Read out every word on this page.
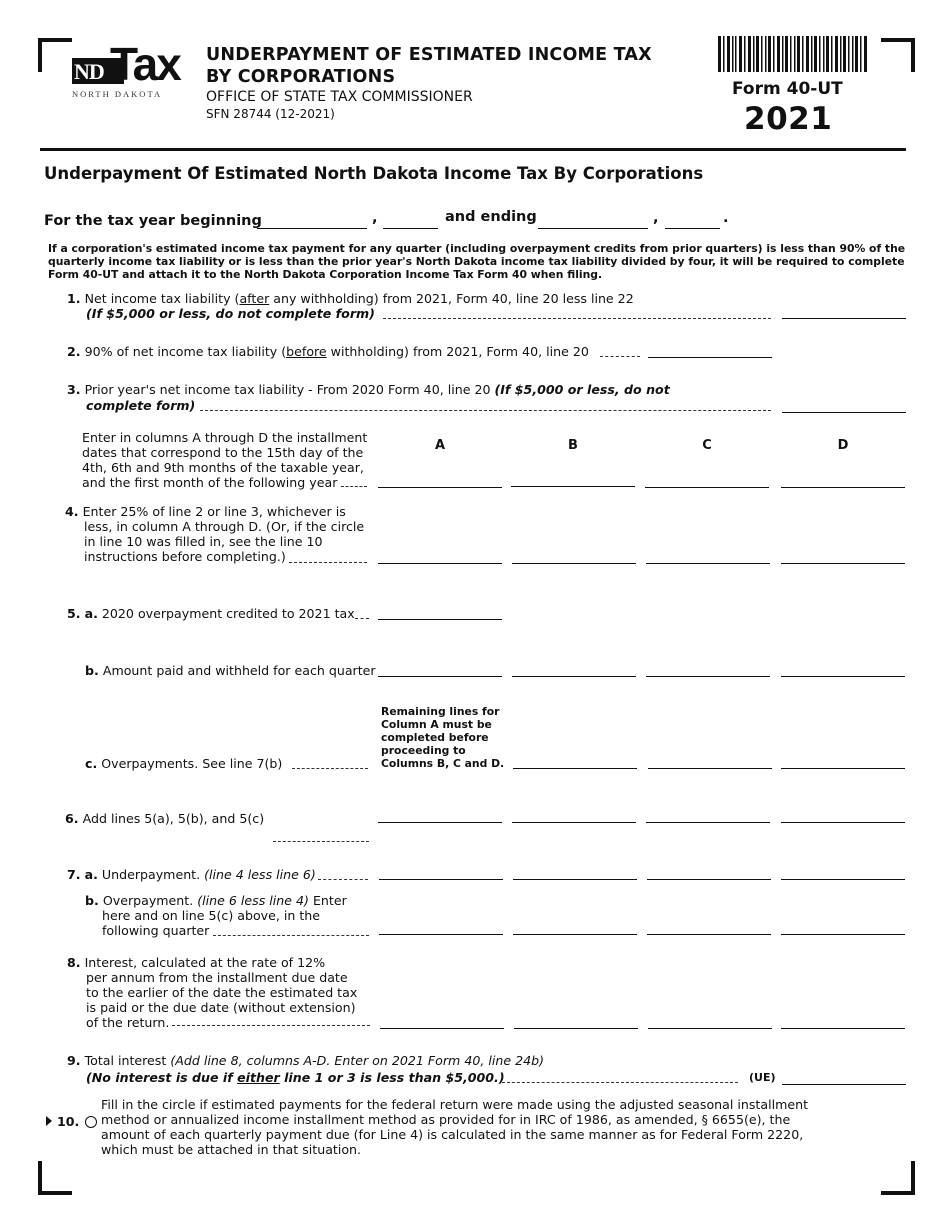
ND Tax
NORTH DAKOTA
UNDERPAYMENT OF ESTIMATED INCOME TAX
BY CORPORATIONS
OFFICE OF STATE TAX COMMISSIONER
SFN 28744 (12-2021)
Form 40-UT
2021
Underpayment Of Estimated North Dakota Income Tax By Corporations
For the tax year beginning	,	and ending	,	.
If a corporation's estimated income tax payment for any quarter (including overpayment credits from prior quarters) is less than 90% of the quarterly income tax liability or is less than the prior year's North Dakota income tax liability divided by four, it will be required to complete Form 40-UT and attach it to the North Dakota Corporation Income Tax Form 40 when filing.
1. Net income tax liability (after any withholding) from 2021, Form 40, line 20 less line 22
(If $5,000 or less, do not complete form)
2. 90% of net income tax liability (before withholding) from 2021, Form 40, line 20
3. Prior year's net income tax liability - From 2020 Form 40, line 20 (If $5,000 or less, do not
complete form)
Enter in columns A through D the installment
dates that correspond to the 15th day of the
4th, 6th and 9th months of the taxable year,
and the first month of the following year
A	B	C	D
4. Enter 25% of line 2 or line 3, whichever is
less, in column A through D. (Or, if the circle
in line 10 was filled in, see the line 10
instructions before completing.)
5. a. 2020 overpayment credited to 2021 tax
b. Amount paid and withheld for each quarter
Remaining lines for
Column A must be
completed before
proceeding to
Columns B, C and D.
c. Overpayments. See line 7(b)
6. Add lines 5(a), 5(b), and 5(c)
7. a. Underpayment. (line 4 less line 6)
b. Overpayment. (line 6 less line 4) Enter
here and on line 5(c) above, in the
following quarter
8. Interest, calculated at the rate of 12%
per annum from the installment due date
to the earlier of the date the estimated tax
is paid or the due date (without extension)
of the return.
9. Total interest (Add line 8, columns A-D. Enter on 2021 Form 40, line 24b)
(No interest is due if either line 1 or 3 is less than $5,000.)	(UE)
10.
Fill in the circle if estimated payments for the federal return were made using the adjusted seasonal installment method or annualized income installment method as provided for in IRC of 1986, as amended, § 6655(e), the amount of each quarterly payment due (for Line 4) is calculated in the same manner as for Federal Form 2220, which must be attached in that situation.
